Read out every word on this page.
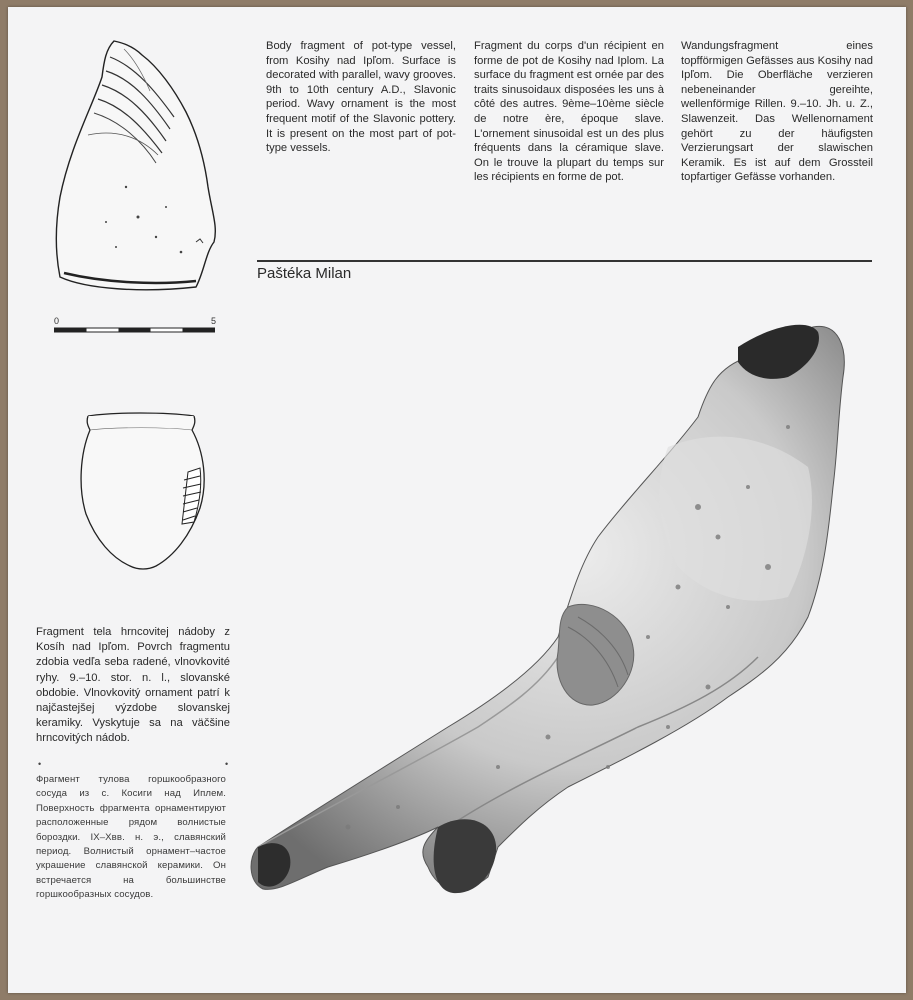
0	5

Body fragment of pot-type vessel, from Kosihy nad Ipľom. Surface is decorated with parallel, wavy grooves. 9th to 10th century A.D., Slavonic period. Wavy ornament is the most frequent motif of the Slavonic pottery. It is present on the most part of pot-type vessels.

Fragment du corps d'un récipient en forme de pot de Kosihy nad Iplom. La surface du fragment est ornée par des traits sinusoidaux disposées les uns à côté des autres. 9ème–10ème siècle de notre ère, époque slave. L'ornement sinusoidal est un des plus fréquents dans la céramique slave. On le trouve la plupart du temps sur les récipients en forme de pot.

Wandungsfragment eines topfförmigen Gefässes aus Kosihy nad Ipľom. Die Oberfläche verzieren nebeneinander gereihte, wellenförmige Rillen. 9.–10. Jh. u. Z., Slawenzeit. Das Wellenornament gehört zu der häufigsten Verzierungsart der slawischen Keramik. Es ist auf dem Grossteil topfartiger Gefässe vorhanden.

Paštéka Milan

Fragment tela hrncovitej nádoby z Kosíh nad Ipľom. Povrch fragmentu zdobia vedľa seba radené, vlnovkovité ryhy. 9.–10. stor. n. l., slovanské obdobie. Vlnovkovitý ornament patrí k najčastejšej výzdobe slovanskej keramiky. Vyskytuje sa na väčšine hrncovitých nádob.

•	•

Фрагмент тулова горшкообразного сосуда из с. Косиги над Иплем. Поверхность фрагмента орнаментируют расположенные рядом волнистые бороздки. IX–Xвв. н. э., славянский период. Волнистый орнамент–частое украшение славянской керамики. Он встречается на большинстве горшкообразных сосудов.
